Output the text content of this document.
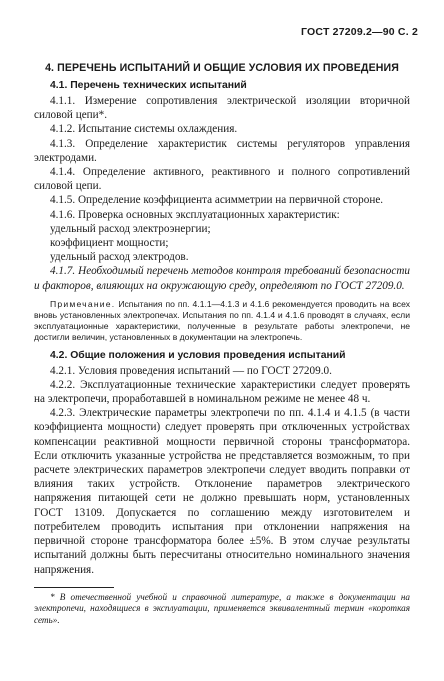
ГОСТ 27209.2—90 С. 2
4. ПЕРЕЧЕНЬ ИСПЫТАНИЙ И ОБЩИЕ УСЛОВИЯ ИХ ПРОВЕДЕНИЯ
4.1. Перечень технических испытаний

4.1.1. Измерение сопротивления электрической изоляции вторичной силовой цепи*.

4.1.2. Испытание системы охлаждения.

4.1.3. Определение характеристик системы регуляторов управления электродами.

4.1.4. Определение активного, реактивного и полного сопротивлений силовой цепи.

4.1.5. Определение коэффициента асимметрии на первичной стороне.

4.1.6. Проверка основных эксплуатационных характеристик:

удельный расход электроэнергии;

коэффициент мощности;

удельный расход электродов.

4.1.7. Необходимый перечень методов контроля требований безопасности и факторов, влияющих на окружающую среду, определяют по ГОСТ 27209.0.

Примечание. Испытания по пп. 4.1.1—4.1.3 и 4.1.6 рекомендуется проводить на всех вновь установленных электропечах. Испытания по пп. 4.1.4 и 4.1.6 проводят в случаях, если эксплуатационные характеристики, полученные в результате работы электропечи, не достигли величин, установленных в документации на электропечь.

4.2. Общие положения и условия проведения испытаний

4.2.1. Условия проведения испытаний — по ГОСТ 27209.0.

4.2.2. Эксплуатационные технические характеристики следует проверять на электропечи, проработавшей в номинальном режиме не менее 48 ч.

4.2.3. Электрические параметры электропечи по пп. 4.1.4 и 4.1.5 (в части коэффициента мощности) следует проверять при отключенных устройствах компенсации реактивной мощности первичной стороны трансформатора. Если отключить указанные устройства не представляется возможным, то при расчете электрических параметров электропечи следует вводить поправки от влияния таких устройств. Отклонение параметров электрического напряжения питающей сети не должно превышать норм, установленных ГОСТ 13109. Допускается по соглашению между изготовителем и потребителем проводить испытания при отклонении напряжения на первичной стороне трансформатора более ±5%. В этом случае результаты испытаний должны быть пересчитаны относительно номинального значения напряжения.

* В отечественной учебной и справочной литературе, а также в документации на электропечи, находящиеся в эксплуатации, применяется эквивалентный термин «короткая сеть».
